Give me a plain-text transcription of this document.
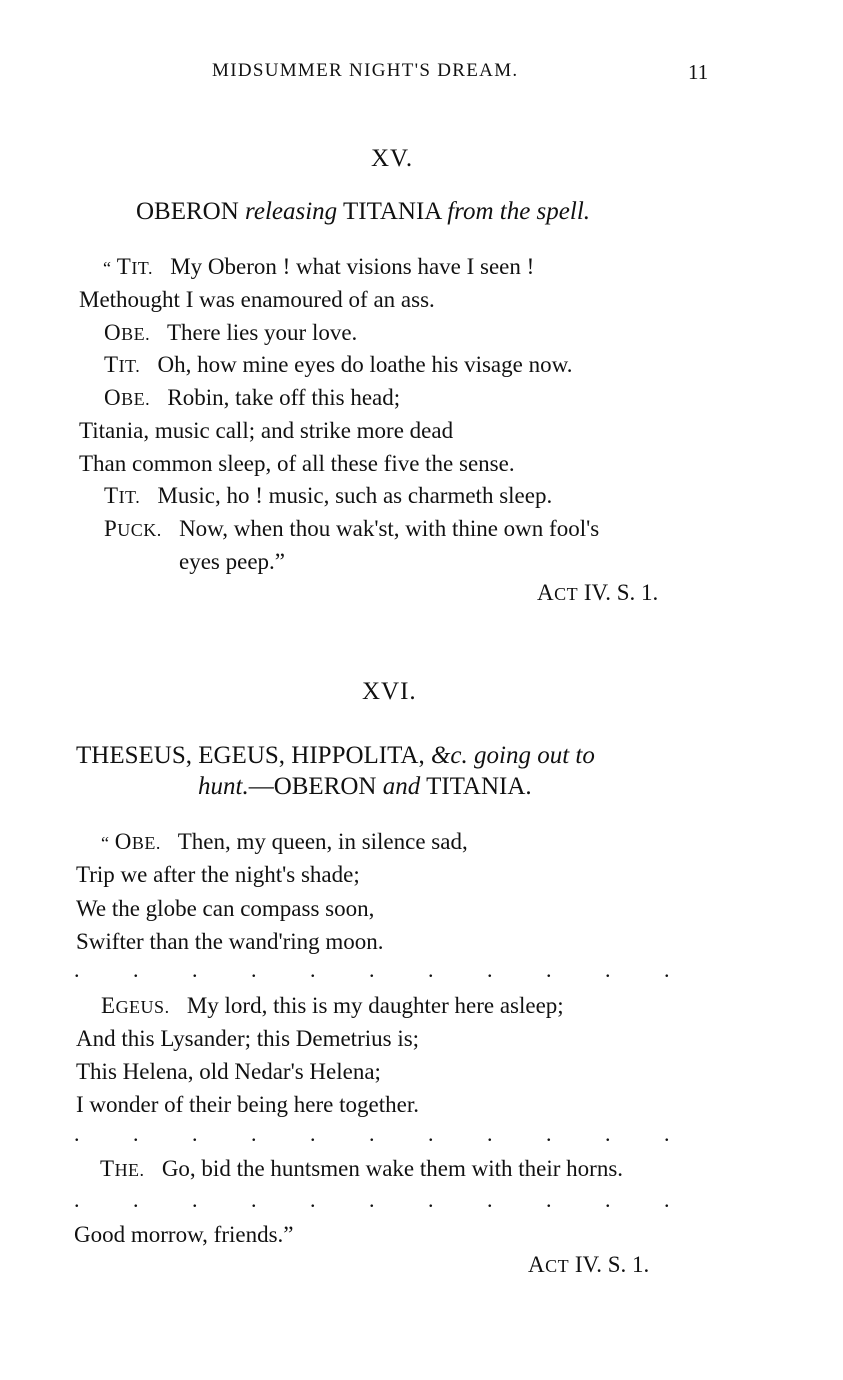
MIDSUMMER NIGHT'S DREAM.	11
XV.
OBERON releasing TITANIA from the spell.
“ TIT. My Oberon ! what visions have I seen !
Methought I was enamoured of an ass.
OBE. There lies your love.
TIT. Oh, how mine eyes do loathe his visage now.
OBE. Robin, take off this head;
Titania, music call; and strike more dead
Than common sleep, of all these five the sense.
TIT. Music, ho ! music, such as charmeth sleep.
PUCK. Now, when thou wak'st, with thine own fool's
eyes peep.”
ACT IV. S. 1.
XVI.
THESEUS, EGEUS, HIPPOLITA, &c. going out to
hunt.—OBERON and TITANIA.
“ OBE. Then, my queen, in silence sad,
Trip we after the night's shade;
We the globe can compass soon,
Swifter than the wand'ring moon.
. . . . . . . . . . .
EGEUS. My lord, this is my daughter here asleep;
And this Lysander; this Demetrius is;
This Helena, old Nedar's Helena;
I wonder of their being here together.
. . . . . . . . . . .
THE. Go, bid the huntsmen wake them with their horns.
. . . . . . . . . . .
Good morrow, friends.”
ACT IV. S. 1.
